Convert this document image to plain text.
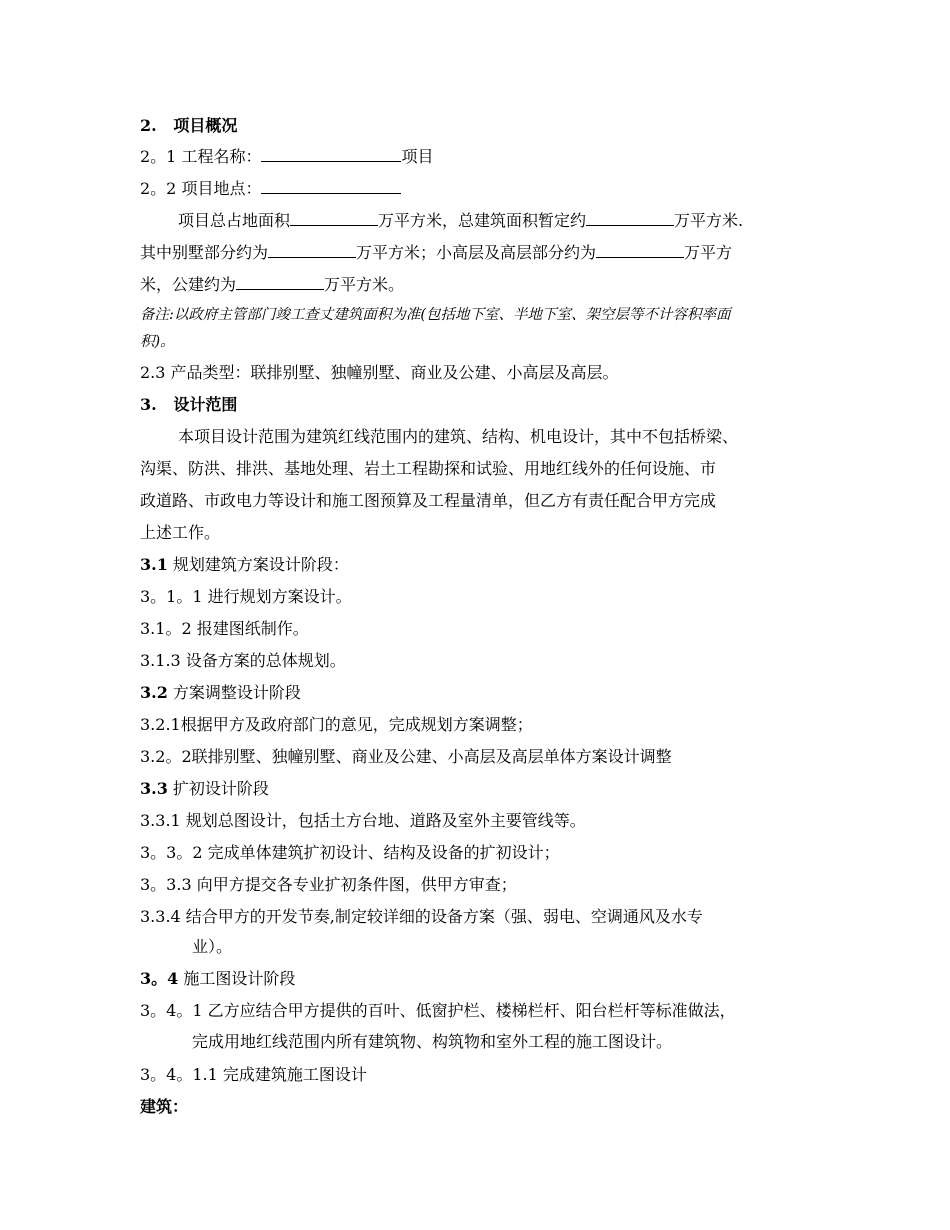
2. 项目概况
2。1 工程名称：	项目
2。2 项目地点：
项目总占地面积	万平方米，总建筑面积暂定约	万平方米.
其中别墅部分约为	万平方米；小高层及高层部分约为	万平方
米，公建约为	万平方米。
备注:以政府主管部门竣工查丈建筑面积为准(包括地下室、半地下室、架空层等不计容积率面
积)。
2.3 产品类型：联排别墅、独幢别墅、商业及公建、小高层及高层。
3. 设计范围
本项目设计范围为建筑红线范围内的建筑、结构、机电设计，其中不包括桥梁、
沟渠、防洪、排洪、基地处理、岩土工程勘探和试验、用地红线外的任何设施、市
政道路、市政电力等设计和施工图预算及工程量清单，但乙方有责任配合甲方完成
上述工作。
3.1 规划建筑方案设计阶段：
3。1。1 进行规划方案设计。
3.1。2 报建图纸制作。
3.1.3 设备方案的总体规划。
3.2 方案调整设计阶段
3.2.1根据甲方及政府部门的意见，完成规划方案调整；
3.2。2联排别墅、独幢别墅、商业及公建、小高层及高层单体方案设计调整
3.3 扩初设计阶段
3.3.1 规划总图设计，包括土方台地、道路及室外主要管线等。
3。3。2 完成单体建筑扩初设计、结构及设备的扩初设计；
3。3.3 向甲方提交各专业扩初条件图，供甲方审查；
3.3.4 结合甲方的开发节奏,制定较详细的设备方案（强、弱电、空调通风及水专
业）。
3。4 施工图设计阶段
3。4。1 乙方应结合甲方提供的百叶、低窗护栏、楼梯栏杆、阳台栏杆等标准做法，
完成用地红线范围内所有建筑物、构筑物和室外工程的施工图设计。
3。4。1.1 完成建筑施工图设计
建筑：
